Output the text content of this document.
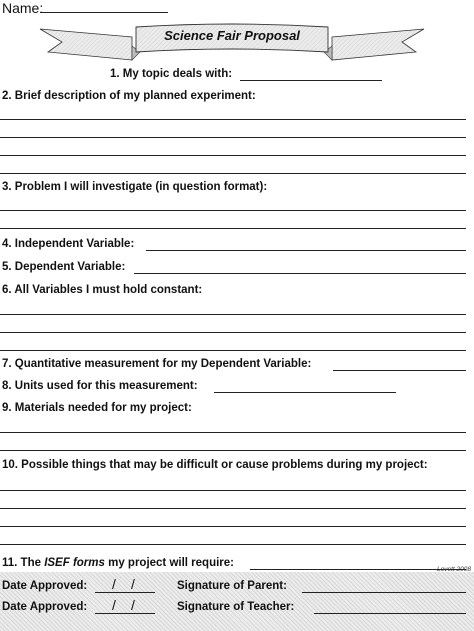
Name:
Science Fair Proposal
1. My topic deals with:
2. Brief description of my planned experiment:
3. Problem I will investigate (in question format):
4. Independent Variable:
5. Dependent Variable:
6. All Variables I must hold constant:
7. Quantitative measurement for my Dependent Variable:
8. Units used for this measurement:
9. Materials needed for my project:
10. Possible things that may be difficult or cause problems during my project:
11. The ISEF forms my project will require:
Lovett 2008
Date Approved: / /	Signature of Parent:
Date Approved: / /	Signature of Teacher:
